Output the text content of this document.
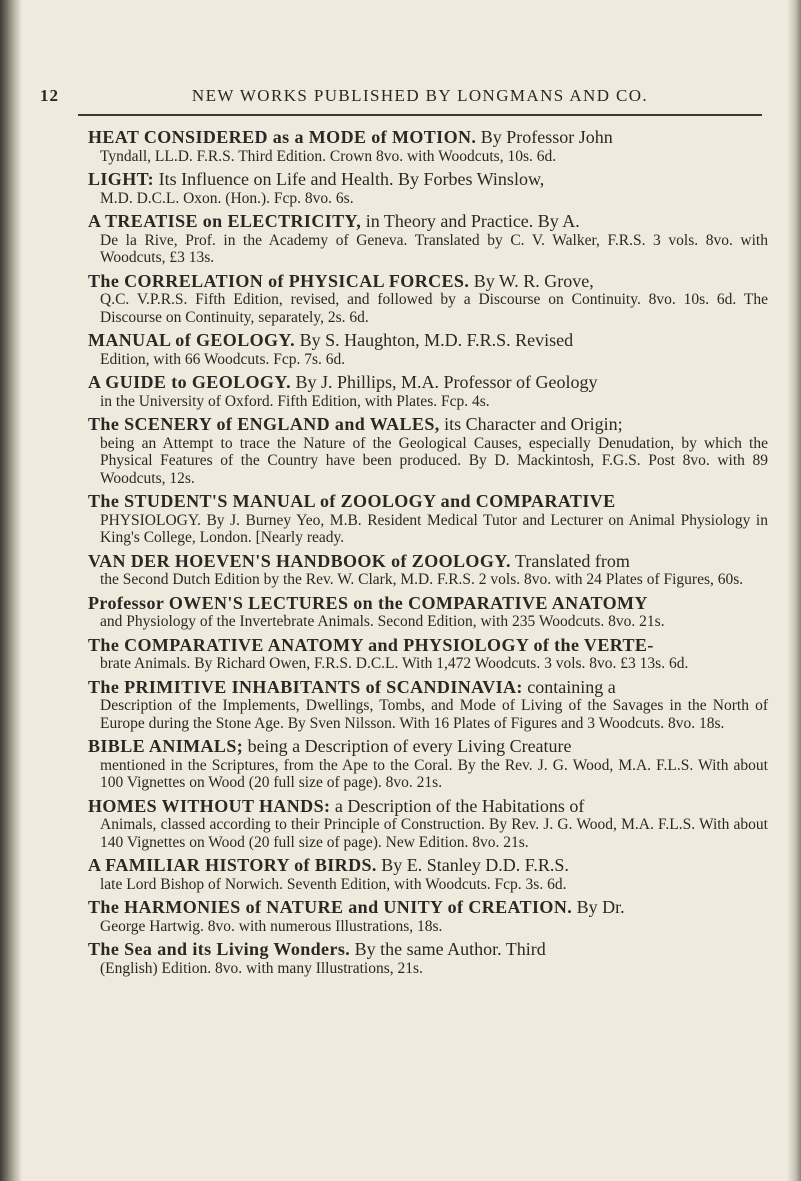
12	NEW WORKS PUBLISHED BY LONGMANS AND CO.

HEAT CONSIDERED as a MODE of MOTION. By Professor John
Tyndall, LL.D. F.R.S. Third Edition. Crown 8vo. with Woodcuts, 10s. 6d.

LIGHT: Its Influence on Life and Health. By Forbes Winslow,
M.D. D.C.L. Oxon. (Hon.). Fcp. 8vo. 6s.

A TREATISE on ELECTRICITY, in Theory and Practice. By A.
De la Rive, Prof. in the Academy of Geneva. Translated by C. V. Walker, F.R.S. 3 vols. 8vo. with Woodcuts, £3 13s.

The CORRELATION of PHYSICAL FORCES. By W. R. Grove,
Q.C. V.P.R.S. Fifth Edition, revised, and followed by a Discourse on Continuity. 8vo. 10s. 6d. The Discourse on Continuity, separately, 2s. 6d.

MANUAL of GEOLOGY. By S. Haughton, M.D. F.R.S. Revised
Edition, with 66 Woodcuts. Fcp. 7s. 6d.

A GUIDE to GEOLOGY. By J. Phillips, M.A. Professor of Geology
in the University of Oxford. Fifth Edition, with Plates. Fcp. 4s.

The SCENERY of ENGLAND and WALES, its Character and Origin;
being an Attempt to trace the Nature of the Geological Causes, especially Denudation, by which the Physical Features of the Country have been produced. By D. Mackintosh, F.G.S. Post 8vo. with 89 Woodcuts, 12s.

The STUDENT'S MANUAL of ZOOLOGY and COMPARATIVE
PHYSIOLOGY. By J. Burney Yeo, M.B. Resident Medical Tutor and Lecturer on Animal Physiology in King's College, London. [Nearly ready.

VAN DER HOEVEN'S HANDBOOK of ZOOLOGY. Translated from
the Second Dutch Edition by the Rev. W. Clark, M.D. F.R.S. 2 vols. 8vo. with 24 Plates of Figures, 60s.

Professor OWEN'S LECTURES on the COMPARATIVE ANATOMY
and Physiology of the Invertebrate Animals. Second Edition, with 235 Woodcuts. 8vo. 21s.

The COMPARATIVE ANATOMY and PHYSIOLOGY of the VERTE-
brate Animals. By Richard Owen, F.R.S. D.C.L. With 1,472 Woodcuts. 3 vols. 8vo. £3 13s. 6d.

The PRIMITIVE INHABITANTS of SCANDINAVIA: containing a
Description of the Implements, Dwellings, Tombs, and Mode of Living of the Savages in the North of Europe during the Stone Age. By Sven Nilsson. With 16 Plates of Figures and 3 Woodcuts. 8vo. 18s.

BIBLE ANIMALS; being a Description of every Living Creature
mentioned in the Scriptures, from the Ape to the Coral. By the Rev. J. G. Wood, M.A. F.L.S. With about 100 Vignettes on Wood (20 full size of page). 8vo. 21s.

HOMES WITHOUT HANDS: a Description of the Habitations of
Animals, classed according to their Principle of Construction. By Rev. J. G. Wood, M.A. F.L.S. With about 140 Vignettes on Wood (20 full size of page). New Edition. 8vo. 21s.

A FAMILIAR HISTORY of BIRDS. By E. Stanley D.D. F.R.S.
late Lord Bishop of Norwich. Seventh Edition, with Woodcuts. Fcp. 3s. 6d.

The HARMONIES of NATURE and UNITY of CREATION. By Dr.
George Hartwig. 8vo. with numerous Illustrations, 18s.

The Sea and its Living Wonders. By the same Author. Third
(English) Edition. 8vo. with many Illustrations, 21s.
